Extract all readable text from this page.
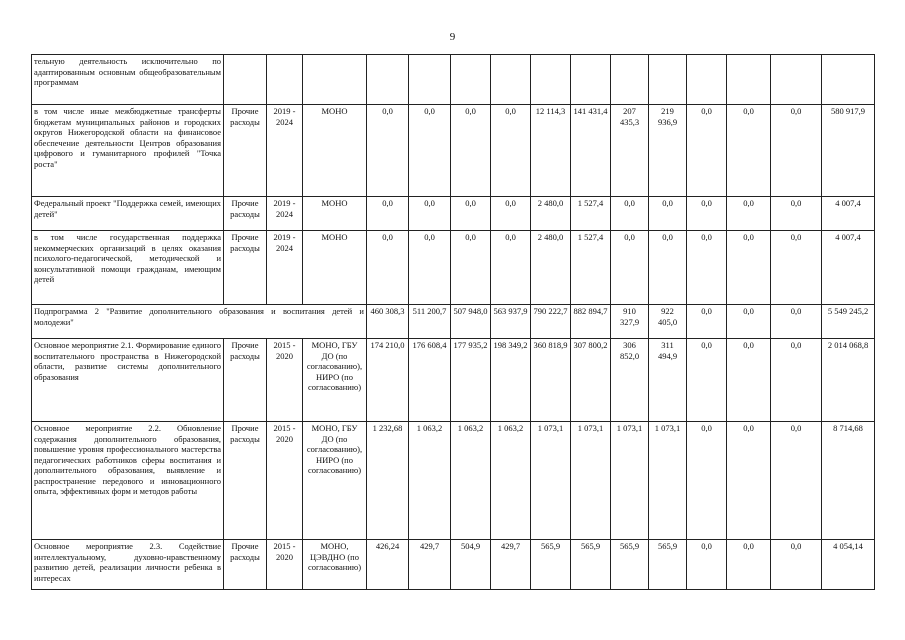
9
тельную деятельность исключительно по адаптированным основным общеобразовательным программам															
в том числе иные межбюджетные трансферты бюджетам муниципальных районов и городских округов Нижегородской области на финансовое обеспечение деятельности Центров образования цифрового и гуманитарного профилей "Точка роста"	Прочие расходы	2019 - 2024	МОНО	0,0	0,0	0,0	0,0	12 114,3	141 431,4	207 435,3	219 936,9	0,0	0,0	0,0	580 917,9
Федеральный проект "Поддержка семей, имеющих детей"	Прочие расходы	2019 - 2024	МОНО	0,0	0,0	0,0	0,0	2 480,0	1 527,4	0,0	0,0	0,0	0,0	0,0	4 007,4
в том числе государственная поддержка некоммерческих организаций в целях оказания психолого-педагогической, методической и консультативной помощи гражданам, имеющим детей	Прочие расходы	2019 - 2024	МОНО	0,0	0,0	0,0	0,0	2 480,0	1 527,4	0,0	0,0	0,0	0,0	0,0	4 007,4
Подпрограмма 2 "Развитие дополнительного образования и воспитания детей и молодежи"				460 308,3	511 200,7	507 948,0	563 937,9	790 222,7	882 894,7	910 327,9	922 405,0	0,0	0,0	0,0	5 549 245,2
Основное мероприятие 2.1. Формирование единого воспитательного пространства в Нижегородской области, развитие системы дополнительного образования	Прочие расходы	2015 - 2020	МОНО, ГБУ ДО (по согласованию), НИРО (по согласованию)	174 210,0	176 608,4	177 935,2	198 349,2	360 818,9	307 800,2	306 852,0	311 494,9	0,0	0,0	0,0	2 014 068,8
Основное мероприятие 2.2. Обновление содержания дополнительного образования, повышение уровня профессионального мастерства педагогических работников сферы воспитания и дополнительного образования, выявление и распространение передового и инновационного опыта, эффективных форм и методов работы	Прочие расходы	2015 - 2020	МОНО, ГБУ ДО (по согласованию), НИРО (по согласованию)	1 232,68	1 063,2	1 063,2	1 063,2	1 073,1	1 073,1	1 073,1	1 073,1	0,0	0,0	0,0	8 714,68
Основное мероприятие 2.3. Содействие интеллектуальному, духовно-нравственному развитию детей, реализации личности ребенка в интересах	Прочие расходы	2015 - 2020	МОНО, ЦЭВДНО (по согласованию)	426,24	429,7	504,9	429,7	565,9	565,9	565,9	565,9	0,0	0,0	0,0	4 054,14
